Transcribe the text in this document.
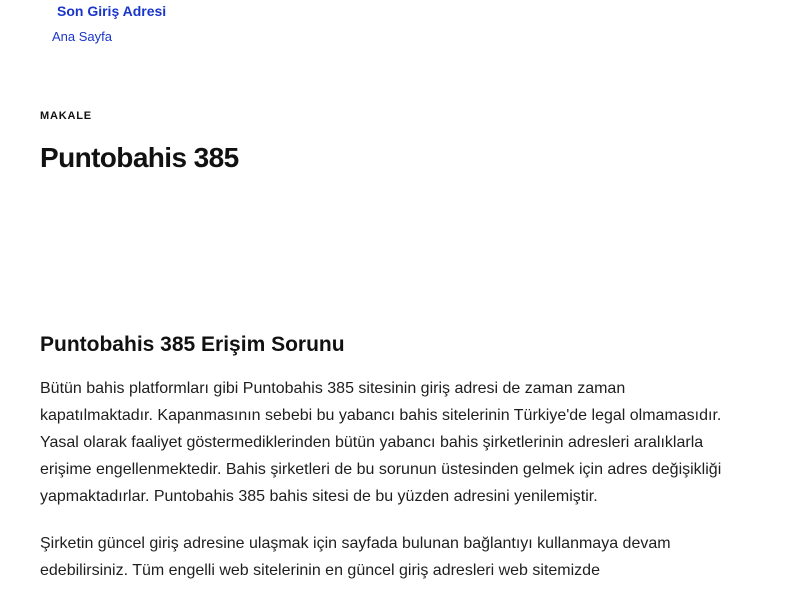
Son Giriş Adresi
Ana Sayfa
MAKALE
Puntobahis 385
Puntobahis 385 Erişim Sorunu

Bütün bahis platformları gibi Puntobahis 385 sitesinin giriş adresi de zaman zaman kapatılmaktadır. Kapanmasının sebebi bu yabancı bahis sitelerinin Türkiye'de legal olmamasıdır. Yasal olarak faaliyet göstermediklerinden bütün yabancı bahis şirketlerinin adresleri aralıklarla erişime engellenmektedir. Bahis şirketleri de bu sorunun üstesinden gelmek için adres değişikliği yapmaktadırlar. Puntobahis 385 bahis sitesi de bu yüzden adresini yenilemiştir.

Şirketin güncel giriş adresine ulaşmak için sayfada bulunan bağlantıyı kullanmaya devam edebilirsiniz. Tüm engelli web sitelerinin en güncel giriş adresleri web sitemizde
